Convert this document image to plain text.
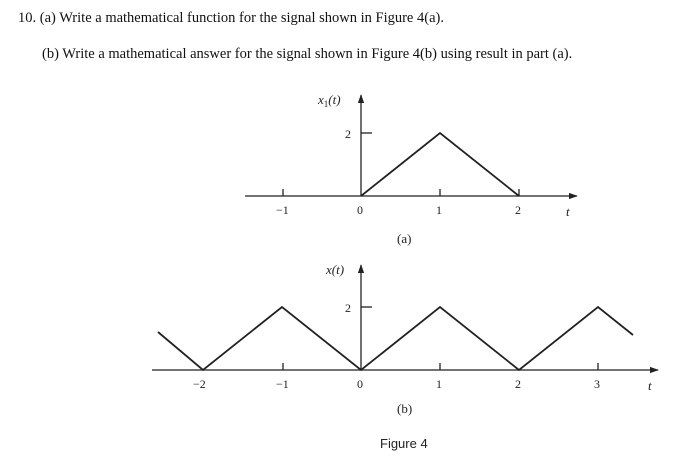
10. (a) Write a mathematical function for the signal shown in Figure 4(a).
(b) Write a mathematical answer for the signal shown in Figure 4(b) using result in part (a).
$x_1(t)$
2
−1	0	1	2	t
(a)
x(t)
2
−2	−1	0	1	2	3	t
(b)
Figure 4
